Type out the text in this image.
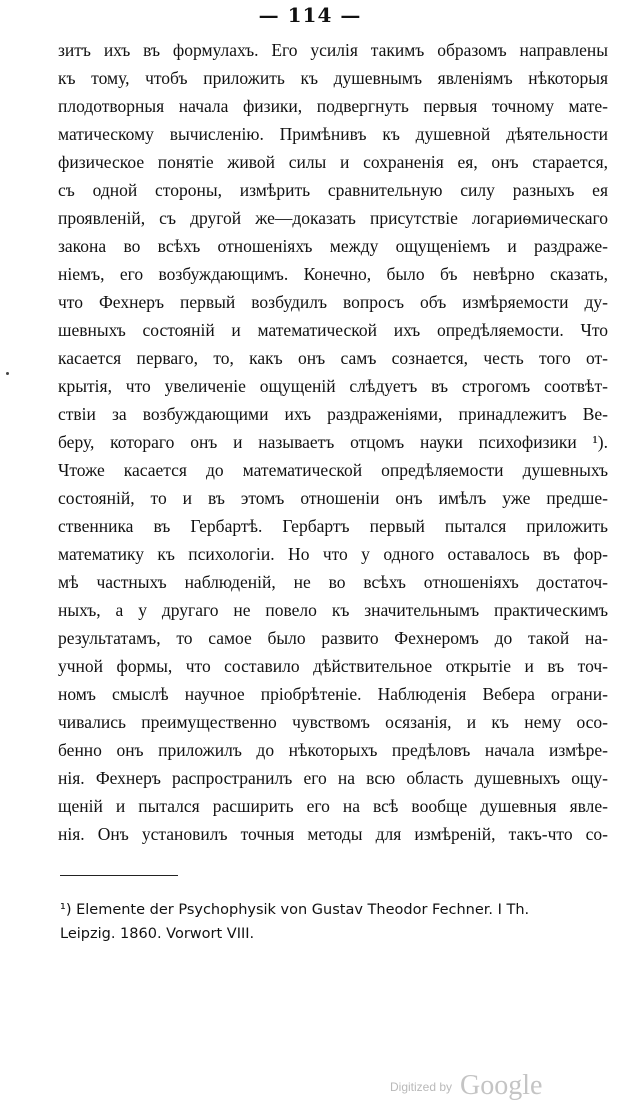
— 114 —
зитъ ихъ въ формулахъ. Его усилія такимъ образомъ направлены
къ тому, чтобъ приложить къ душевнымъ явленіямъ нѣкоторыя
плодотворныя начала физики, подвергнуть первыя точному мате-
матическому вычисленію. Примѣнивъ къ душевной дѣятельности
физическое понятіе живой силы и сохраненія ея, онъ старается,
съ одной стороны, измѣрить сравнительную силу разныхъ ея
проявленій, съ другой же—доказать присутствіе логариѳмическаго
закона во всѣхъ отношеніяхъ между ощущеніемъ и раздраже-
ніемъ, его возбуждающимъ. Конечно, было бъ невѣрно сказать,
что Фехнеръ первый возбудилъ вопросъ объ измѣряемости ду-
шевныхъ состояній и математической ихъ опредѣляемости. Что
касается перваго, то, какъ онъ самъ сознается, честь того от-
крытія, что увеличеніе ощущеній слѣдуетъ въ строгомъ соотвѣт-
ствіи за возбуждающими ихъ раздраженіями, принадлежитъ Ве-
беру, котораго онъ и называетъ отцомъ науки психофизики ¹).
Чтоже касается до математической опредѣляемости душевныхъ
состояній, то и въ этомъ отношеніи онъ имѣлъ уже предше-
ственника въ Гербартѣ. Гербартъ первый пытался приложить
математику къ психологіи. Но что у одного оставалось въ фор-
мѣ частныхъ наблюденій, не во всѣхъ отношеніяхъ достаточ-
ныхъ, а у другаго не повело къ значительнымъ практическимъ
результатамъ, то самое было развито Фехнеромъ до такой на-
учной формы, что составило дѣйствительное открытіе и въ точ-
номъ смыслѣ научное пріобрѣтеніе. Наблюденія Вебера ограни-
чивались преимущественно чувствомъ осязанія, и къ нему осо-
бенно онъ приложилъ до нѣкоторыхъ предѣловъ начала измѣре-
нія. Фехнеръ распространилъ его на всю область душевныхъ ощу-
щеній и пытался расширить его на всѣ вообще душевныя явле-
нія. Онъ установилъ точныя методы для измѣреній, такъ-что со-
¹) Elemente der Psychophysik von Gustav Theodor Fechner. I Th.
Leipzig. 1860. Vorwort VIII.
Digitized by Google
